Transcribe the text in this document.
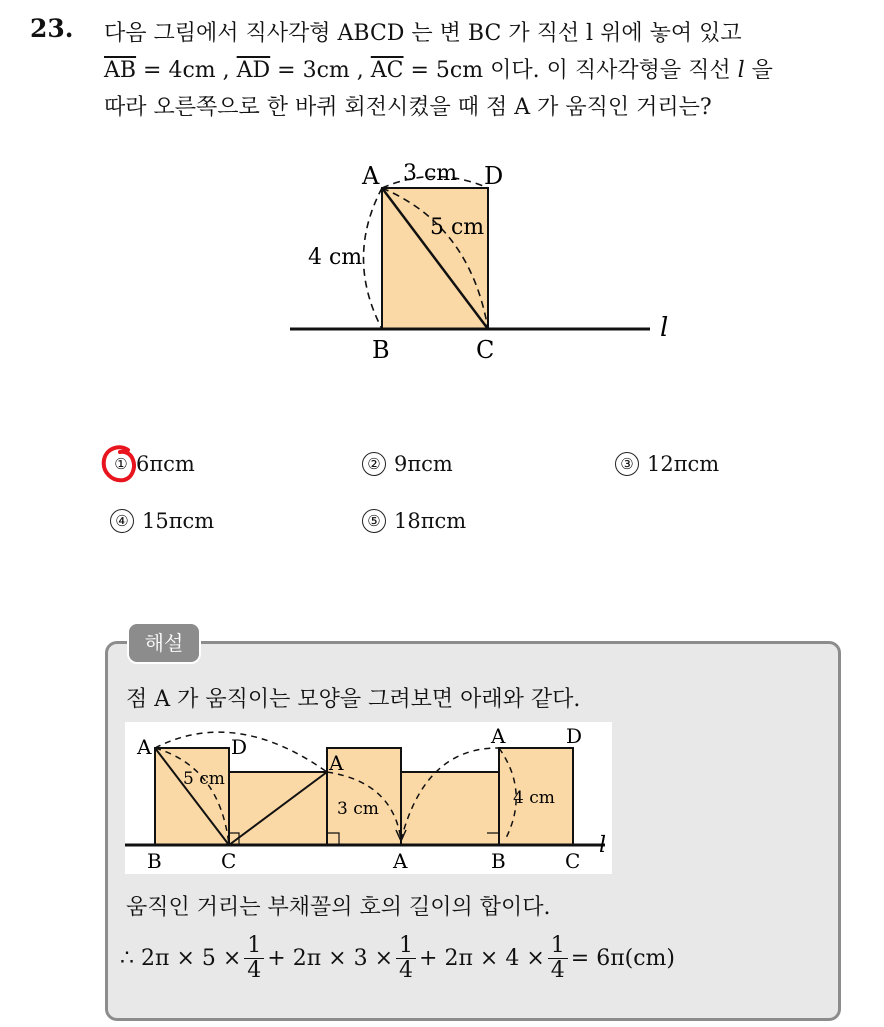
23. 다음 그림에서 직사각형 ABCD 는 변 BC 가 직선 l 위에 놓여 있고
$\overline{AB} = 4cm$ , $\overline{AD} = 3cm$ , $\overline{AC} = 5cm$ 이다. 이 직사각형을 직선 l 을
따라 오른쪽으로 한 바퀴 회전시켰을 때 점 A 가 움직인 거리는?
A	D
3 cm
5 cm
4 cm
B	C
l
① 6πcm	② 9πcm	③ 12πcm
④ 15πcm	⑤ 18πcm
해설
점 A 가 움직이는 모양을 그려보면 아래와 같다.
A	D
5 cm
A
3 cm
A	D
4 cm
B	C	A	B	C
l
움직인 거리는 부채꼴의 호의 길이의 합이다.
∴ $2\pi \times 5 \times \frac{1}{4} + 2\pi \times 3 \times \frac{1}{4} + 2\pi \times 4 \times \frac{1}{4} = 6\pi(cm)$
